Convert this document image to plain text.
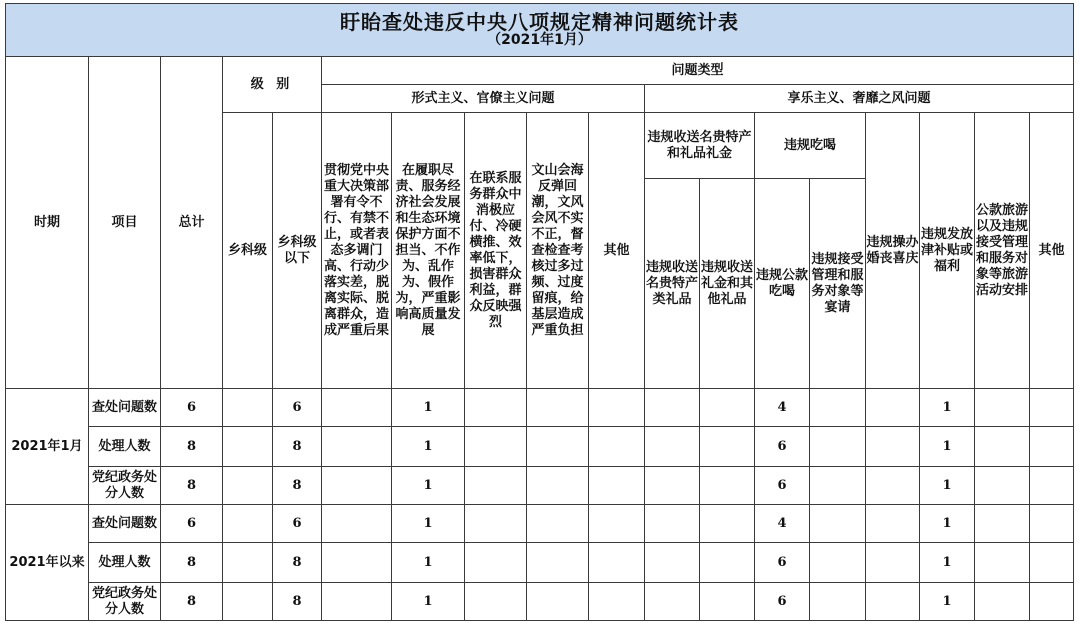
盱眙查处违反中央八项规定精神问题统计表
（2021年1月）																	

时期	项目	总计	级 别		问题类型												
					形式主义、官僚主义问题					享乐主义、奢靡之风问题							
			乡科级	乡科级以下	贯彻党中央重大决策部署有令不行、有禁不止，或者表态多调门高、行动少落实差，脱离实际、脱离群众，造成严重后果	在履职尽责、服务经济社会发展和生态环境保护方面不担当、不作为、乱作为、假作为，严重影响高质量发展	在联系服务群众中消极应付、冷硬横推、效率低下，损害群众利益，群众反映强烈	文山会海反弹回潮，文风会风不实不正，督查检查考核过多过频、过度留痕，给基层造成严重负担	其他	违规收送名贵特产和礼品礼金		违规吃喝		违规操办婚丧喜庆	违规发放津补贴或福利	公款旅游以及违规接受管理和服务对象等旅游活动安排	其他
										违规收送名贵特产类礼品	违规收送礼金和其他礼品	违规公款吃喝	违规接受管理和服务对象等宴请				

2021年1月	查处问题数	6		6		1						4			1		
	处理人数	8		8		1						6			1		
	党纪政务处分人数	8		8		1						6			1		
2021年以来	查处问题数	6		6		1						4			1		
	处理人数	8		8		1						6			1		
	党纪政务处分人数	8		8		1						6			1		
